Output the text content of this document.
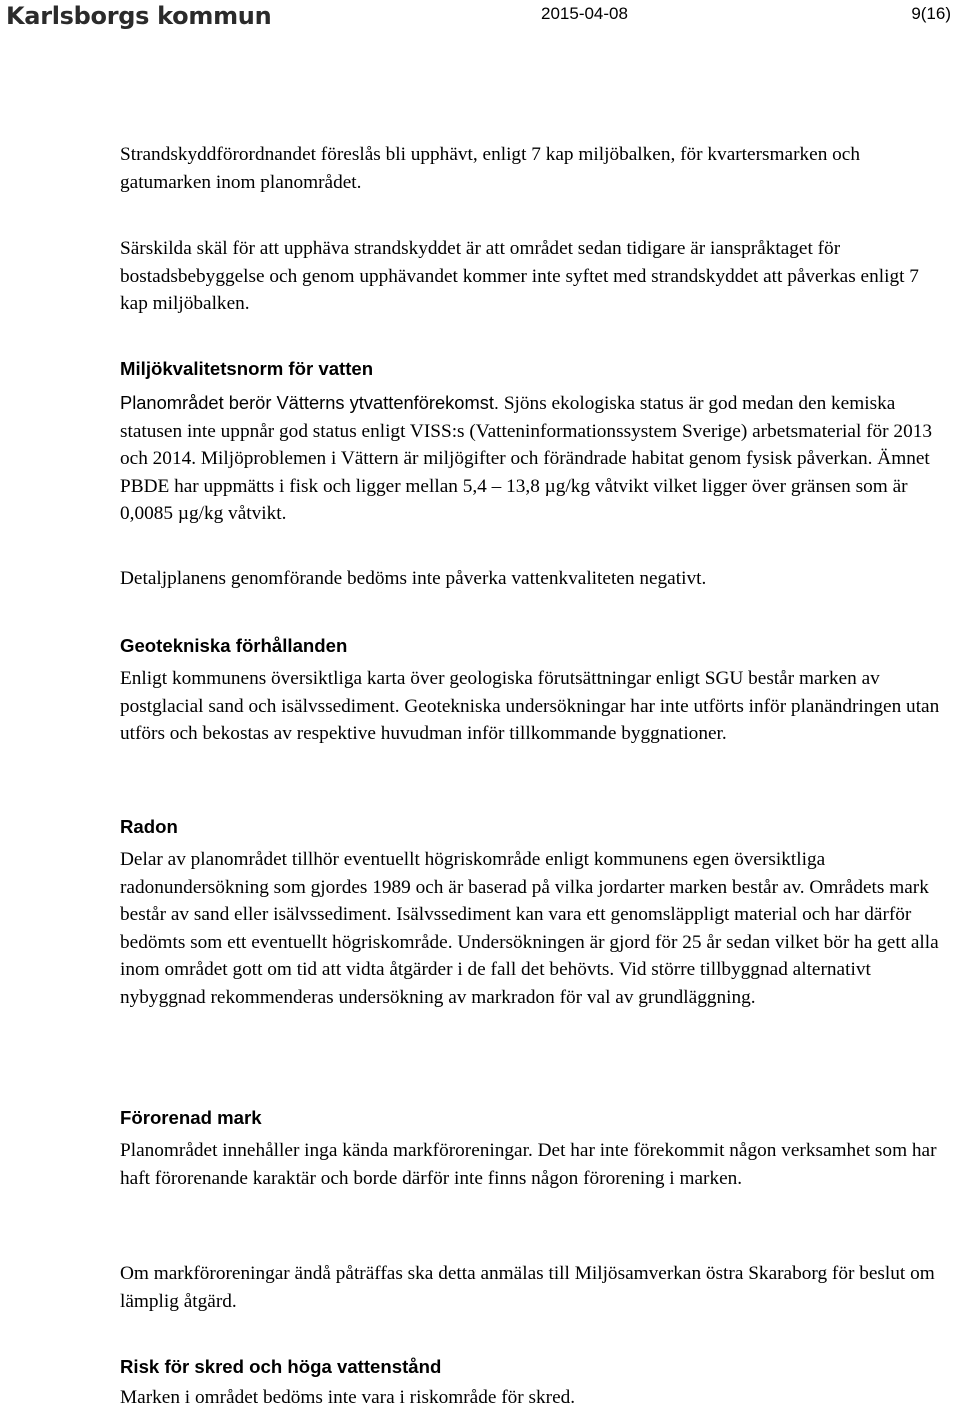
Karlsborgs kommun	2015-04-08	9(16)

Strandskyddförordnandet föreslås bli upphävt, enligt 7 kap miljöbalken, för kvartersmarken och gatumarken inom planområdet.

Särskilda skäl för att upphäva strandskyddet är att området sedan tidigare är ianspråktaget för bostadsbebyggelse och genom upphävandet kommer inte syftet med strandskyddet att påverkas enligt 7 kap miljöbalken.

Miljökvalitetsnorm för vatten

Planområdet berör Vätterns ytvattenförekomst. Sjöns ekologiska status är god medan den kemiska statusen inte uppnår god status enligt VISS:s (Vatteninformationssystem Sverige) arbetsmaterial för 2013 och 2014. Miljöproblemen i Vättern är miljögifter och förändrade habitat genom fysisk påverkan. Ämnet PBDE har uppmätts i fisk och ligger mellan 5,4 – 13,8 µg/kg våtvikt vilket ligger över gränsen som är 0,0085 µg/kg våtvikt.

Detaljplanens genomförande bedöms inte påverka vattenkvaliteten negativt.

Geotekniska förhållanden

Enligt kommunens översiktliga karta över geologiska förutsättningar enligt SGU består marken av postglacial sand och isälvssediment. Geotekniska undersökningar har inte utförts inför planändringen utan utförs och bekostas av respektive huvudman inför tillkommande byggnationer.

Radon

Delar av planområdet tillhör eventuellt högriskområde enligt kommunens egen översiktliga radonundersökning som gjordes 1989 och är baserad på vilka jordarter marken består av. Områdets mark består av sand eller isälvssediment. Isälvssediment kan vara ett genomsläppligt material och har därför bedömts som ett eventuellt högriskområde. Undersökningen är gjord för 25 år sedan vilket bör ha gett alla inom området gott om tid att vidta åtgärder i de fall det behövts. Vid större tillbyggnad alternativt nybyggnad rekommenderas undersökning av markradon för val av grundläggning.

Förorenad mark

Planområdet innehåller inga kända markföroreningar. Det har inte förekommit någon verksamhet som har haft förorenande karaktär och borde därför inte finns någon förorening i marken.

Om markföroreningar ändå påträffas ska detta anmälas till Miljösamverkan östra Skaraborg för beslut om lämplig åtgärd.

Risk för skred och höga vattenstånd

Marken i området bedöms inte vara i riskområde för skred.
